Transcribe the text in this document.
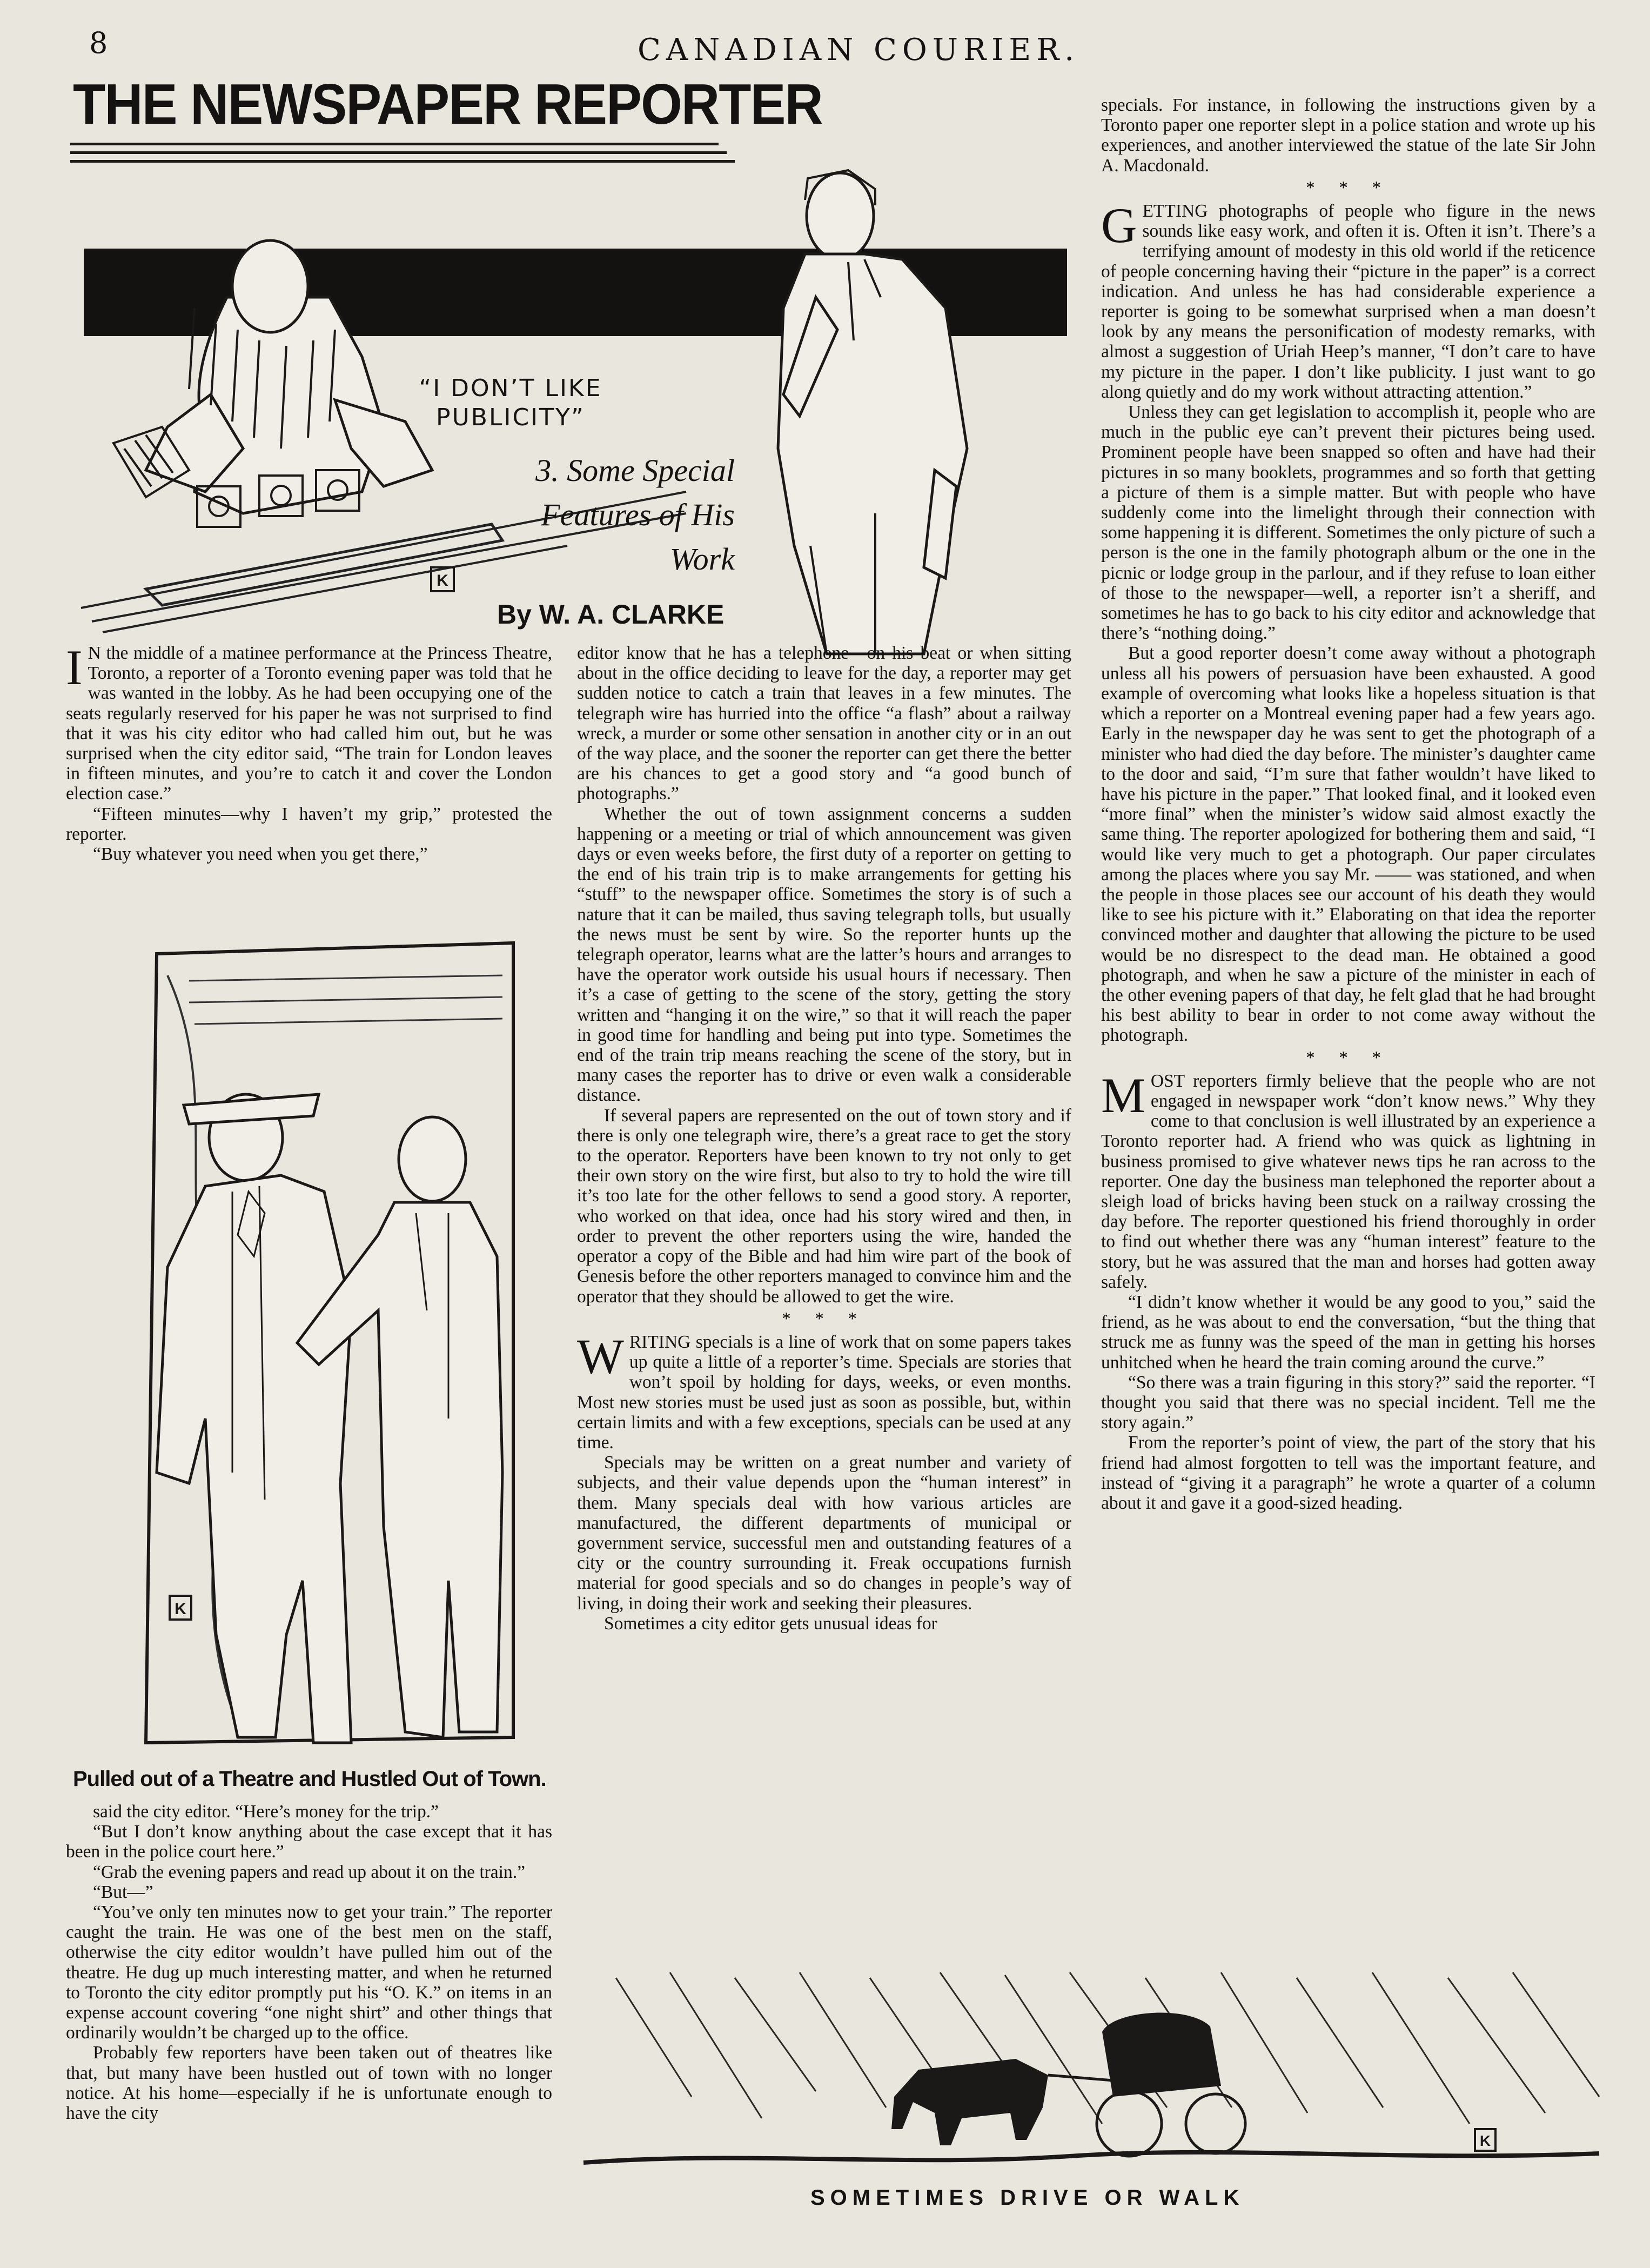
8	CANADIAN COURIER.
THE NEWSPAPER REPORTER
K
“I DON’T LIKE
PUBLICITY”
3. Some Special
Features of His
Work
By W. A. CLARKE

I N the middle of a matinee performance at the Princess Theatre, Toronto, a reporter of a Toronto evening paper was told that he was wanted in the lobby. As he had been occupying one of the seats regularly reserved for his paper he was not surprised to find that it was his city editor who had called him out, but he was surprised when the city editor said, “The train for London leaves in fifteen minutes, and you’re to catch it and cover the London election case.”

“Fifteen minutes—why I haven’t my grip,” protested the reporter.

“Buy whatever you need when you get there,”

K
Pulled out of a Theatre and Hustled Out of Town.

said the city editor. “Here’s money for the trip.”

“But I don’t know anything about the case except that it has been in the police court here.”

“Grab the evening papers and read up about it on the train.”

“But—”

“You’ve only ten minutes now to get your train.” The reporter caught the train. He was one of the best men on the staff, otherwise the city editor wouldn’t have pulled him out of the theatre. He dug up much interesting matter, and when he returned to Toronto the city editor promptly put his “O. K.” on items in an expense account covering “one night shirt” and other things that ordinarily wouldn’t be charged up to the office.

Probably few reporters have been taken out of theatres like that, but many have been hustled out of town with no longer notice. At his home—especially if he is unfortunate enough to have the city

editor know that he has a telephone—on his beat or when sitting about in the office deciding to leave for the day, a reporter may get sudden notice to catch a train that leaves in a few minutes. The telegraph wire has hurried into the office “a flash” about a railway wreck, a murder or some other sensation in another city or in an out of the way place, and the sooner the reporter can get there the better are his chances to get a good story and “a good bunch of photographs.”

Whether the out of town assignment concerns a sudden happening or a meeting or trial of which announcement was given days or even weeks before, the first duty of a reporter on getting to the end of his train trip is to make arrangements for getting his “stuff” to the newspaper office. Sometimes the story is of such a nature that it can be mailed, thus saving telegraph tolls, but usually the news must be sent by wire. So the reporter hunts up the telegraph operator, learns what are the latter’s hours and arranges to have the operator work outside his usual hours if necessary. Then it’s a case of getting to the scene of the story, getting the story written and “hanging it on the wire,” so that it will reach the paper in good time for handling and being put into type. Sometimes the end of the train trip means reaching the scene of the story, but in many cases the reporter has to drive or even walk a considerable distance.

If several papers are represented on the out of town story and if there is only one telegraph wire, there’s a great race to get the story to the operator. Reporters have been known to try not only to get their own story on the wire first, but also to try to hold the wire till it’s too late for the other fellows to send a good story. A reporter, who worked on that idea, once had his story wired and then, in order to prevent the other reporters using the wire, handed the operator a copy of the Bible and had him wire part of the book of Genesis before the other reporters managed to convince him and the operator that they should be allowed to get the wire.

* * *

WRITING specials is a line of work that on some papers takes up quite a little of a reporter’s time. Specials are stories that won’t spoil by holding for days, weeks, or even months. Most new stories must be used just as soon as possible, but, within certain limits and with a few exceptions, specials can be used at any time.

Specials may be written on a great number and variety of subjects, and their value depends upon the “human interest” in them. Many specials deal with how various articles are manufactured, the different departments of municipal or government service, successful men and outstanding features of a city or the country surrounding it. Freak occupations furnish material for good specials and so do changes in people’s way of living, in doing their work and seeking their pleasures.

Sometimes a city editor gets unusual ideas for

specials. For instance, in following the instructions given by a Toronto paper one reporter slept in a police station and wrote up his experiences, and another interviewed the statue of the late Sir John A. Macdonald.

* * *

GETTING photographs of people who figure in the news sounds like easy work, and often it is. Often it isn’t. There’s a terrifying amount of modesty in this old world if the reticence of people concerning having their “picture in the paper” is a correct indication. And unless he has had considerable experience a reporter is going to be somewhat surprised when a man doesn’t look by any means the personification of modesty remarks, with almost a suggestion of Uriah Heep’s manner, “I don’t care to have my picture in the paper. I don’t like publicity. I just want to go along quietly and do my work without attracting attention.”

Unless they can get legislation to accomplish it, people who are much in the public eye can’t prevent their pictures being used. Prominent people have been snapped so often and have had their pictures in so many booklets, programmes and so forth that getting a picture of them is a simple matter. But with people who have suddenly come into the limelight through their connection with some happening it is different. Sometimes the only picture of such a person is the one in the family photograph album or the one in the picnic or lodge group in the parlour, and if they refuse to loan either of those to the newspaper—well, a reporter isn’t a sheriff, and sometimes he has to go back to his city editor and acknowledge that there’s “nothing doing.”

But a good reporter doesn’t come away without a photograph unless all his powers of persuasion have been exhausted. A good example of overcoming what looks like a hopeless situation is that which a reporter on a Montreal evening paper had a few years ago. Early in the newspaper day he was sent to get the photograph of a minister who had died the day before. The minister’s daughter came to the door and said, “I’m sure that father wouldn’t have liked to have his picture in the paper.” That looked final, and it looked even “more final” when the minister’s widow said almost exactly the same thing. The reporter apologized for bothering them and said, “I would like very much to get a photograph. Our paper circulates among the places where you say Mr. —— was stationed, and when the people in those places see our account of his death they would like to see his picture with it.” Elaborating on that idea the reporter convinced mother and daughter that allowing the picture to be used would be no disrespect to the dead man. He obtained a good photograph, and when he saw a picture of the minister in each of the other evening papers of that day, he felt glad that he had brought his best ability to bear in order to not come away without the photograph.

* * *

MOST reporters firmly believe that the people who are not engaged in newspaper work “don’t know news.” Why they come to that conclusion is well illustrated by an experience a Toronto reporter had. A friend who was quick as lightning in business promised to give whatever news tips he ran across to the reporter. One day the business man telephoned the reporter about a sleigh load of bricks having been stuck on a railway crossing the day before. The reporter questioned his friend thoroughly in order to find out whether there was any “human interest” feature to the story, but he was assured that the man and horses had gotten away safely.

“I didn’t know whether it would be any good to you,” said the friend, as he was about to end the conversation, “but the thing that struck me as funny was the speed of the man in getting his horses unhitched when he heard the train coming around the curve.”

“So there was a train figuring in this story?” said the reporter. “I thought you said that there was no special incident. Tell me the story again.”

From the reporter’s point of view, the part of the story that his friend had almost forgotten to tell was the important feature, and instead of “giving it a paragraph” he wrote a quarter of a column about it and gave it a good-sized heading.

K
SOMETIMES DRIVE OR WALK
